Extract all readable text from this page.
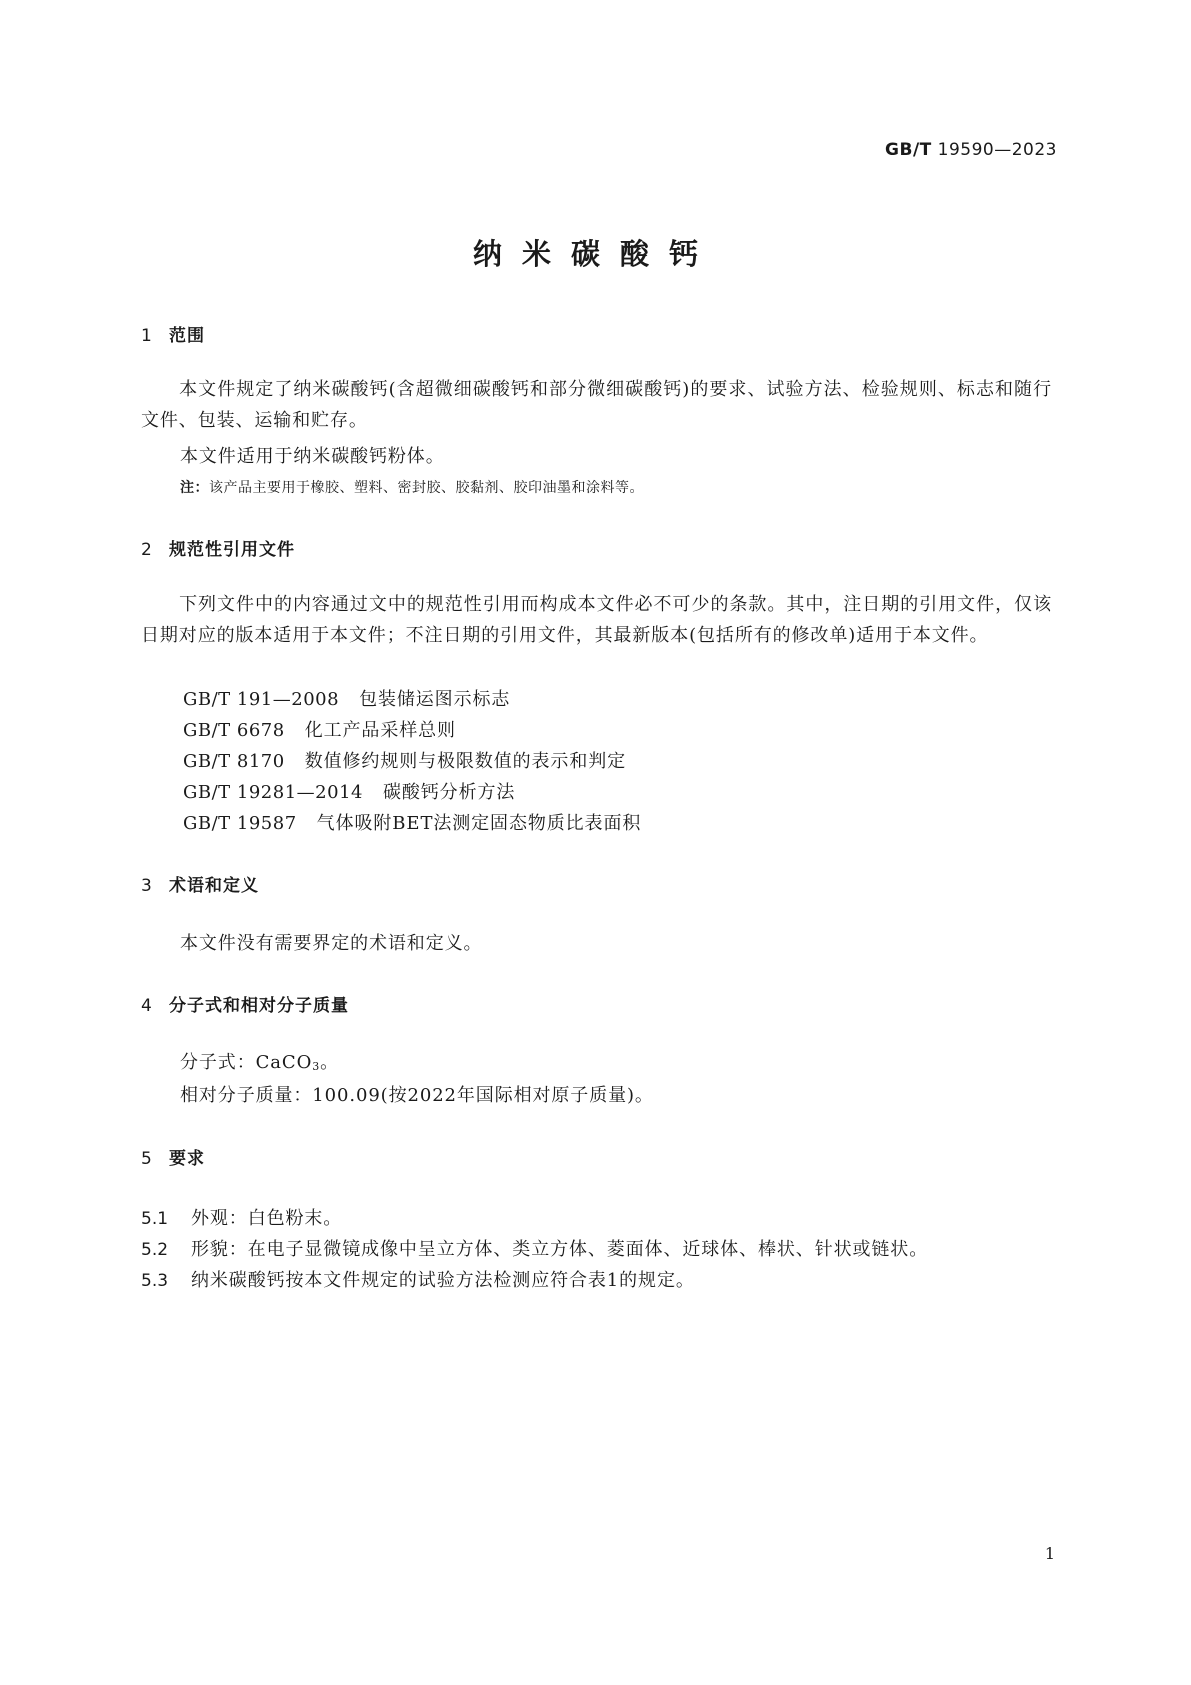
GB/T 19590—2023
纳米碳酸钙
1 范围
本文件规定了纳米碳酸钙(含超微细碳酸钙和部分微细碳酸钙)的要求、试验方法、检验规则、标志和随行文件、包装、运输和贮存。
本文件适用于纳米碳酸钙粉体。
注：该产品主要用于橡胶、塑料、密封胶、胶黏剂、胶印油墨和涂料等。
2 规范性引用文件
下列文件中的内容通过文中的规范性引用而构成本文件必不可少的条款。其中，注日期的引用文件，仅该日期对应的版本适用于本文件；不注日期的引用文件，其最新版本(包括所有的修改单)适用于本文件。
GB/T 191—2008 包装储运图示标志
GB/T 6678 化工产品采样总则
GB/T 8170 数值修约规则与极限数值的表示和判定
GB/T 19281—2014 碳酸钙分析方法
GB/T 19587 气体吸附BET法测定固态物质比表面积
3 术语和定义
本文件没有需要界定的术语和定义。
4 分子式和相对分子质量
分子式：CaCO$_3$。
相对分子质量：100.09(按2022年国际相对原子质量)。
5 要求
5.1 外观：白色粉末。
5.2 形貌：在电子显微镜成像中呈立方体、类立方体、菱面体、近球体、棒状、针状或链状。
5.3 纳米碳酸钙按本文件规定的试验方法检测应符合表1的规定。
1
